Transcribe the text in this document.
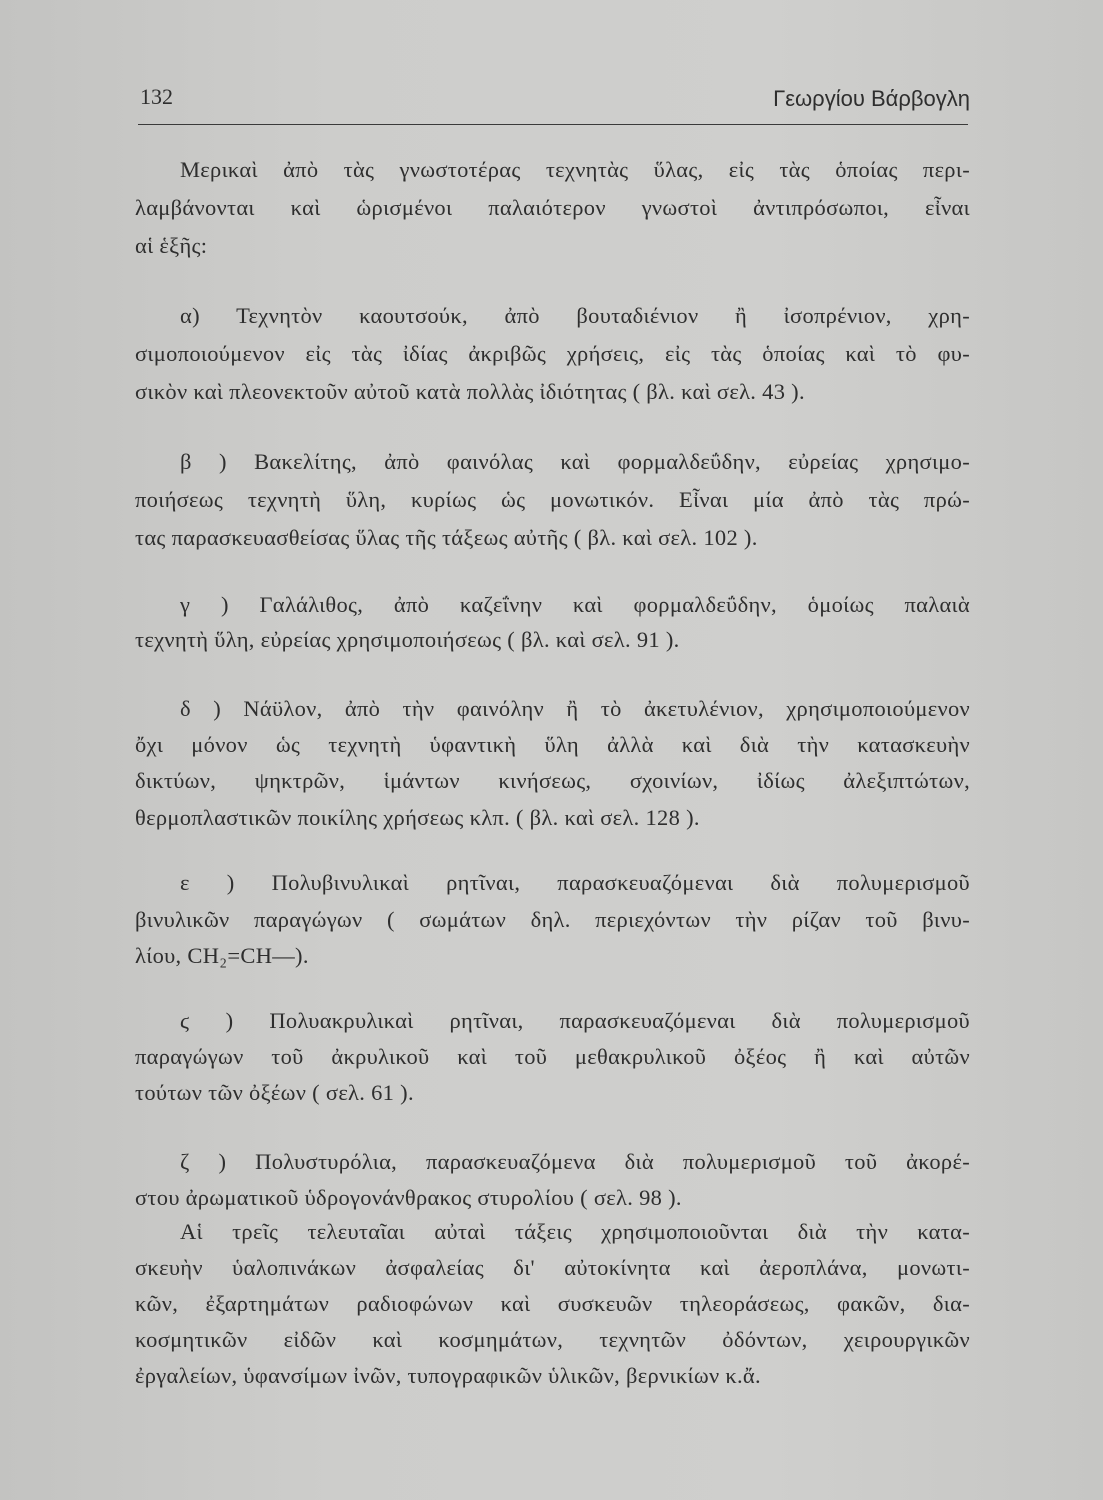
132	Γεωργίου Βάρβογλη
Μερικαὶ ἀπὸ τὰς γνωστοτέρας τεχνητὰς ὕλας, εἰς τὰς ὁποίας περι-
λαμβάνονται καὶ ὡρισμένοι παλαιότερον γνωστοὶ ἀντιπρόσωποι, εἶναι
αἱ ἑξῆς:
α) Τεχνητὸν καουτσούκ, ἀπὸ βουταδιένιον ἢ ἰσοπρένιον, χρη-
σιμοποιούμενον εἰς τὰς ἰδίας ἀκριβῶς χρήσεις, εἰς τὰς ὁποίας καὶ τὸ φυ-
σικὸν καὶ πλεονεκτοῦν αὐτοῦ κατὰ πολλὰς ἰδιότητας ( βλ. καὶ σελ. 43 ).
β ) Βακελίτης, ἀπὸ φαινόλας καὶ φορμαλδεΰδην, εὐρείας χρησιμο-
ποιήσεως τεχνητὴ ὕλη, κυρίως ὡς μονωτικόν. Εἶναι μία ἀπὸ τὰς πρώ-
τας παρασκευασθείσας ὕλας τῆς τάξεως αὐτῆς ( βλ. καὶ σελ. 102 ).
γ ) Γαλάλιθος, ἀπὸ καζεΐνην καὶ φορμαλδεΰδην, ὁμοίως παλαιὰ
τεχνητὴ ὕλη, εὐρείας χρησιμοποιήσεως ( βλ. καὶ σελ. 91 ).
δ ) Νάϋλον, ἀπὸ τὴν φαινόλην ἢ τὸ ἀκετυλένιον, χρησιμοποιούμενον
ὄχι μόνον ὡς τεχνητὴ ὑφαντικὴ ὕλη ἀλλὰ καὶ διὰ τὴν κατασκευὴν
δικτύων, ψηκτρῶν, ἱμάντων κινήσεως, σχοινίων, ἰδίως ἀλεξιπτώτων,
θερμοπλαστικῶν ποικίλης χρήσεως κλπ. ( βλ. καὶ σελ. 128 ).
ε ) Πολυβινυλικαὶ ρητῖναι, παρασκευαζόμεναι διὰ πολυμερισμοῦ
βινυλικῶν παραγώγων ( σωμάτων δηλ. περιεχόντων τὴν ρίζαν τοῦ βινυ-
λίου, CH₂=CH—).
ϛ ) Πολυακρυλικαὶ ρητῖναι, παρασκευαζόμεναι διὰ πολυμερισμοῦ
παραγώγων τοῦ ἀκρυλικοῦ καὶ τοῦ μεθακρυλικοῦ ὀξέος ἢ καὶ αὐτῶν
τούτων τῶν ὀξέων ( σελ. 61 ).
ζ ) Πολυστυρόλια, παρασκευαζόμενα διὰ πολυμερισμοῦ τοῦ ἀκορέ-
στου ἀρωματικοῦ ὑδρογονάνθρακος στυρολίου ( σελ. 98 ).
Αἱ τρεῖς τελευταῖαι αὐταὶ τάξεις χρησιμοποιοῦνται διὰ τὴν κατα-
σκευὴν ὑαλοπινάκων ἀσφαλείας δι' αὐτοκίνητα καὶ ἀεροπλάνα, μονωτι-
κῶν, ἐξαρτημάτων ραδιοφώνων καὶ συσκευῶν τηλεοράσεως, φακῶν, δια-
κοσμητικῶν εἰδῶν καὶ κοσμημάτων, τεχνητῶν ὀδόντων, χειρουργικῶν
ἐργαλείων, ὑφανσίμων ἰνῶν, τυπογραφικῶν ὑλικῶν, βερνικίων κ.ἄ.
